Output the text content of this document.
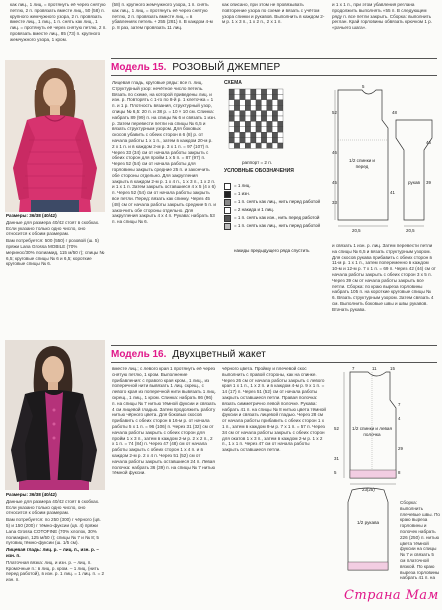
как лиц., 1 лиц. = протянуть её через снятую петлю, 2 п. провязать вместе лиц., 50 (58) п. крупного жемчужного узора, 2 п. провязать вместе лиц., 1 лиц., 1 п. снять как лиц., 1 лиц. = протянуть её через снятую петлю, 2 п. провязать вместе лиц., 85 (73) п. крупного жемчужного узора, 1 кром.

(58) п. крупного жемчужного узора, 1 п. снять как лиц., 1 лиц. = протянуть её через снятую петлю, 2 п. провязать вместе лиц. = в убавлениях петель + 255 (281) п. В каждом 4-м р. 8 раз, затем провязать 11 лиц.

как описано, при этом не провязывать повторение узора по схеме и вязать с учётом узора спинки и рукавов. Выполнить в каждом 2-м р. 1 х 3 п., 1 х 2 п., 2 х 1 п.

и 1 х 1 п., при этом убавления реглана продолжить выполнять «55 п. В следующем ряду п. все петли закрыть. Сборка: выполнить реглан. Край горловины обвязать крючком 1 р. «рачьего шага».

Модель 15. РОЗОВЫЙ ДЖЕМПЕР

Размеры: 36/38 (40/42)

Данные для размера 40/42 стоят в скобках. Если указано только одно число, оно относится к обоим размерам.

Вам потребуется: 500 (550) г розовой (ш. 5) пряжи Lana Grossa MOBILE (70% меринос/30% полиамид, 115 м/50 г); спицы № 6,5; круговые спицы № 6 и 6,5; короткие круговые спицы № 6.

Лицевая гладь, круговые ряды: все п. лиц. Структурный узор: нечётное число петель. Вязать по схеме, на которой приведены лиц. и изн. р. Повторять с 1-го по 8-й р. 1 клеточка = 1 п. и 1 р. Плотность вязания, структурный узор, спицы № 6,5: 20 п. и 38 р. = 10 × 10 см. Спинка: набрать 89 (99) п. на спицы № 6 и связать 1 изн. р. Затем перевести петли на спицы № 6,5 и вязать структурным узором. Для боковых скосов убавить с обеих сторон в 6 (8) р. от начала работы 1 х 1 п., затем в каждом 20-м р. 2 х 1 п. и в каждом 2-м р. 3 х 1 п. = 97 (107) п. Через 33 (34) см от начала работы закрыть с обеих сторон для пройм 1 х 5 п. = 87 (97) п. Через 52 (54) см от начала работы для горловины закрыть средние 25 п. и закончить обе стороны отдельно. Для закругления закрыть в каждом 2-м р. 1 х 4 п., 1 х 3 п., 1 х 2 п. и 1 х 1 п. Затем закрыть оставшиеся 4 х 5 (4 х 6) п. Через 52 (54) см от начала работы закрыть все петли. Перед: вязать как спинку. Через 45 (48) см от начала работы закрыть средние 5 п. и закончить обе стороны отдельно. Для закругления закрыть 4 х 4 п. Рукава: набрать 53 п. на спицы № 6.

СХЕМА
раппорт = 2 п.
УСЛОВНЫЕ ОБОЗНАЧЕНИЯ
= 1 лиц.
= 1 изн.
= 1 п. снять как лиц., нить перед работой
= 2 накида и 1 лиц.
= 1 п. снять как изн., нить перед работой
= 1 п. снять как лиц., нить перед работой
накиды предыдущего ряда спустить
1/2 спинки и перед
рукав
46
52
45
33
5
20,5
48
20,5
46
39
41

и связать 1 изн. р. лиц. Затем перевести петли на спицы № 6,5 и вязать структурным узором. Для скосов рукава прибавить с обеих сторон в 11-м р. 1 х 1 п., затем попеременно в каждом 10-м и 12-м р. 7 х 1 п. = 69 п. Через 42 (44) см от начала работы закрыть с обеих сторон 3 х 5 п. Через 39 см от начала работы закрыть все петли. Сборка: по краю выреза горловины набрать 105 п. на короткие круговые спицы № 6. Вязать структурным узором. Затем связать 4 см. Выполнить боковые швы и швы рукавов. Втачать рукава.

Модель 16. Двухцветный жакет

Размеры: 36/38 (40/42)

Данные для размера 40/42 стоят в скобках. Если указано только одно число, оно относится к обоим размерам.

Вам потребуется: по 250 (300) г чёрного (цв. 5) и 150 (200) г тёмно-фуксии (цв. 4) пряжи Lana Grossa COTOFINE (70% хлопок, 30% полиакрил, 125 м/50 г); спицы № 7 и № 8; 5 пуговиц тёмно-фуксии (ш. 1/5 см).

Лицевая гладь: лиц. р. – лиц. п., изн. р. – изн. п.

Платочная вязка: лиц. и изн. р. – лиц. п. Кромочные п.: в лиц. р. кром. – 1 лиц. (нить перед работой), в изн. р. 1 лиц. = 1 лиц. п. = 2 изн. п.

вместе лиц.; с левого края 1 протянуть её через снятую петлю, 1 кром. Выполнение прибавления: с правого края кром., 1 лиц., из поперечной нити вывязать 1 лиц. скрещ., с левого края из поперечной нити вывязать 1 лиц. скрещ., 1 лиц., 1 кром. Спинка: набрать 86 (96) п. на спицы № 7 нитью тёмной фуксии и связать 4 см лицевой гладью. Затем продолжить работу нитью чёрного цвета. Для боковых скосов прибавить с обеих сторон в 16-м р. от начала работы 5 х 1 п. = 96 (106) п. Через 31 (32) см от начала работы закрыть с обеих сторон для пройм 1 х 3 п., затем в каждом 2-м р. 2 х 2 п., 2 х 1 п. = 74 (84) п. Через 47 (48) см от начала работы закрыть с обеих сторон 1 х 4 п. и в каждом 2-м р. 2 х 4 п. Через 51 (52) см от начала работы закрыть оставшиеся 24 п. Левая полочка: набрать 36 (39) п. на спицы № 7 нитью тёмной фуксии.

чёрного цвета. Пройму и плечевой скос выполнить с правой стороны, как на спинке. Через 26 см от начала работы закрыть с левого края 1 х 1 п., 1 х 2 п. и в каждом 4-м р. 9 х 1 п. = 14 (17) п. Через 51 (52) см от начала работы закрыть оставшиеся петли. Правая полочка: вязать симметрично левой полочке. Рукава: набрать 41 п. на спицы № 8 нитью цвета тёмной фуксии и связать лицевой гладью. Через 28 см от начала работы прибавить с обеих сторон 1 х 1 п., затем в каждом 8-м р. 7 х 1 п. = 57 п. Через 34 см от начала работы закрыть с обеих сторон для окатов 1 х 3 п., затем в каждом 2-м р. 1 х 2 п., 1 х 1 п. Через 47 см от начала работы закрыть оставшиеся петли.

1/2 спинки и левая полочка
7	11	15
52
31
5
23(25)
7
4
29
8
1/2 рукава

Сборка: выполнить плечевые швы. По краю выреза горловины и полочек набрать 226 (250) п. нитью цвета тёмной фуксии на спицы № 7 и связать 5 см платочной вязкой. По краю выреза горловины набрать 41 п. на

Страна Мам
